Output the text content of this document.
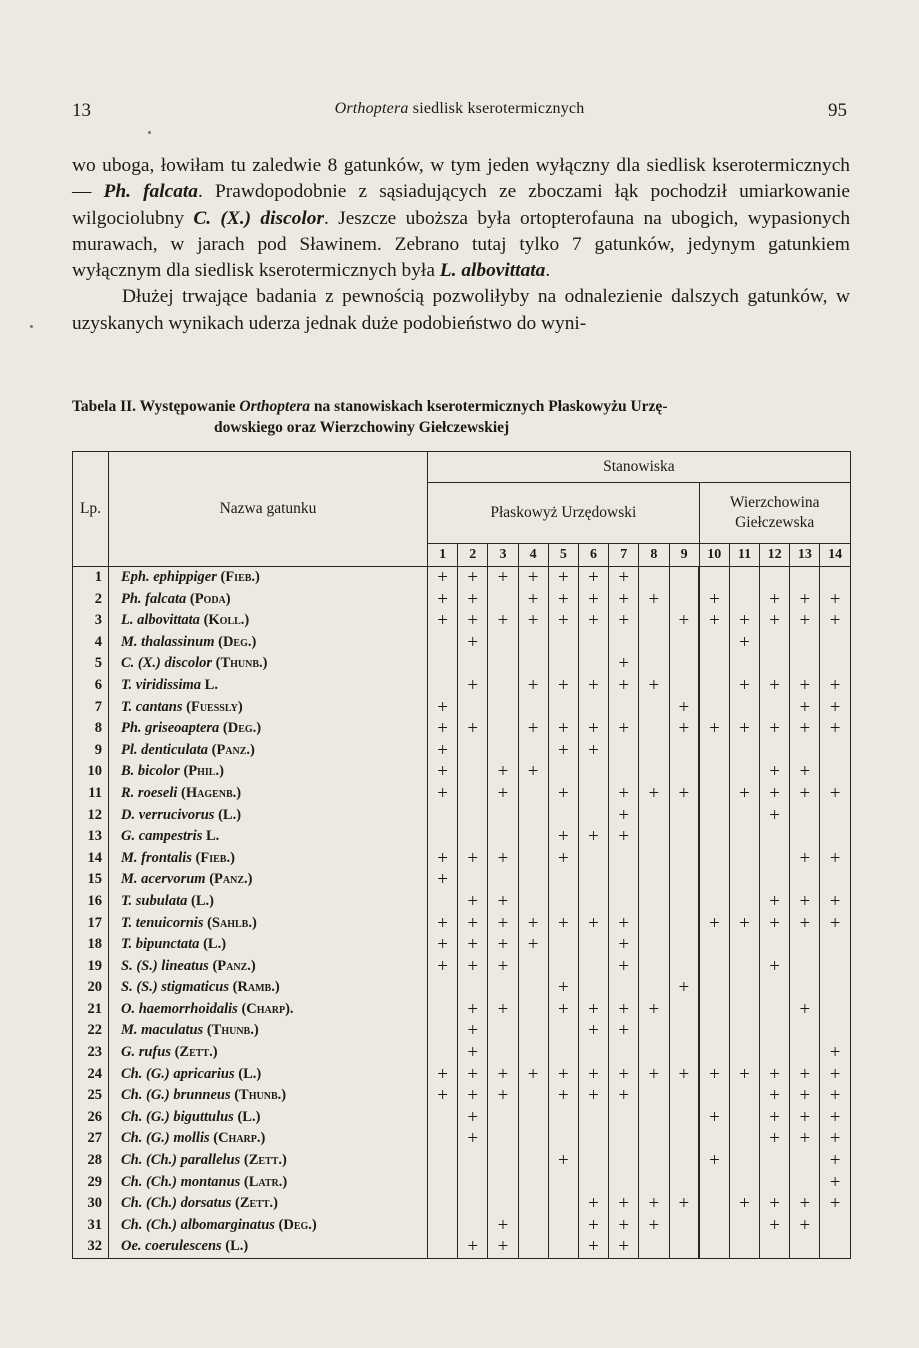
13	Orthoptera siedlisk kserotermicznych	95

wo uboga, łowiłam tu zaledwie 8 gatunków, w tym jeden wyłączny dla siedlisk kserotermicznych — Ph. falcata. Prawdopodobnie z sąsiadujących ze zboczami łąk pochodził umiarkowanie wilgociolubny C. (X.) discolor. Jeszcze uboższa była ortopterofauna na ubogich, wypasionych murawach, w jarach pod Sławinem. Zebrano tutaj tylko 7 gatunków, jedynym gatunkiem wyłącznym dla siedlisk kserotermicznych była L. albovittata.

Dłużej trwające badania z pewnością pozwoliłyby na odnalezienie dalszych gatunków, w uzyskanych wynikach uderza jednak duże podobieństwo do wyni-

Tabela II. Występowanie Orthoptera na stanowiskach kserotermicznych Płaskowyżu Urzę-
dowskiego oraz Wierzchowiny Giełczewskiej
Lp.	Nazwa gatunku	Stanowiska													
		Płaskowyż Urzędowski									Wierzchowina
Giełczewska				
		1	2	3	4	5	6	7	8	9	10	11	12	13	14
1	Eph. ephippiger (Fieb.)	+	+	+	+	+	+	+							
2	Ph. falcata (Poda)	+	+		+	+	+	+	+		+		+	+	+
3	L. albovittata (Koll.)	+	+	+	+	+	+	+		+	+	+	+	+	+
4	M. thalassinum (Deg.)		+									+			
5	C. (X.) discolor (Thunb.)							+							
6	T. viridissima L.		+		+	+	+	+	+			+	+	+	+
7	T. cantans (Fuessly)	+								+				+	+
8	Ph. griseoaptera (Deg.)	+	+		+	+	+	+		+	+	+	+	+	+
9	Pl. denticulata (Panz.)	+				+	+								
10	B. bicolor (Phil.)	+		+	+								+	+	
11	R. roeseli (Hagenb.)	+		+		+		+	+	+		+	+	+	+
12	D. verrucivorus (L.)							+					+		
13	G. campestris L.					+	+	+							
14	M. frontalis (Fieb.)	+	+	+		+								+	+
15	M. acervorum (Panz.)	+													
16	T. subulata (L.)		+	+									+	+	+
17	T. tenuicornis (Sahlb.)	+	+	+	+	+	+	+			+	+	+	+	+
18	T. bipunctata (L.)	+	+	+	+			+							
19	S. (S.) lineatus (Panz.)	+	+	+				+					+		
20	S. (S.) stigmaticus (Ramb.)					+				+					
21	O. haemorrhoidalis (Charp).		+	+		+	+	+	+					+	
22	M. maculatus (Thunb.)		+				+	+							
23	G. rufus (Zett.)		+												+
24	Ch. (G.) apricarius (L.)	+	+	+	+	+	+	+	+	+	+	+	+	+	+
25	Ch. (G.) brunneus (Thunb.)	+	+	+		+	+	+					+	+	+
26	Ch. (G.) biguttulus (L.)		+								+		+	+	+
27	Ch. (G.) mollis (Charp.)		+										+	+	+
28	Ch. (Ch.) parallelus (Zett.)					+					+				+
29	Ch. (Ch.) montanus (Latr.)														+
30	Ch. (Ch.) dorsatus (Zett.)						+	+	+	+		+	+	+	+
31	Ch. (Ch.) albomarginatus (Deg.)			+			+	+	+				+	+	
32	Oe. coerulescens (L.)		+	+			+	+							
